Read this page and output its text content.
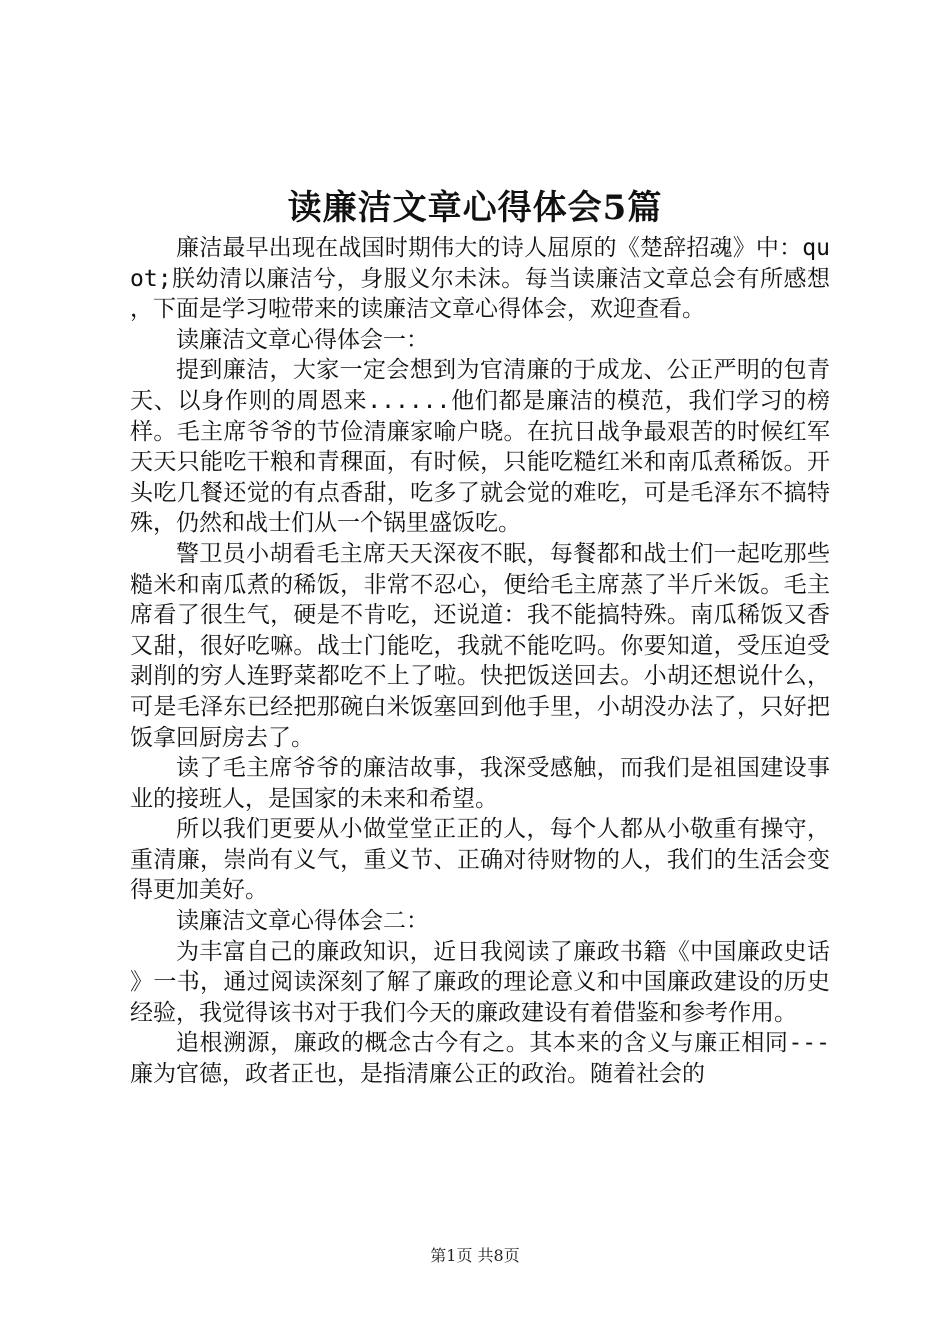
读廉洁文章心得体会5篇

廉洁最早出现在战国时期伟大的诗人屈原的《楚辞招魂》中：quot;朕幼清以廉洁兮，身服义尔未沫。每当读廉洁文章总会有所感想，下面是学习啦带来的读廉洁文章心得体会，欢迎查看。

读廉洁文章心得体会一：

提到廉洁，大家一定会想到为官清廉的于成龙、公正严明的包青天、以身作则的周恩来......他们都是廉洁的模范，我们学习的榜样。毛主席爷爷的节俭清廉家喻户晓。在抗日战争最艰苦的时候红军天天只能吃干粮和青稞面，有时候，只能吃糙红米和南瓜煮稀饭。开头吃几餐还觉的有点香甜，吃多了就会觉的难吃，可是毛泽东不搞特殊，仍然和战士们从一个锅里盛饭吃。

警卫员小胡看毛主席天天深夜不眠，每餐都和战士们一起吃那些糙米和南瓜煮的稀饭，非常不忍心，便给毛主席蒸了半斤米饭。毛主席看了很生气，硬是不肯吃，还说道：我不能搞特殊。南瓜稀饭又香又甜，很好吃嘛。战士门能吃，我就不能吃吗。你要知道，受压迫受剥削的穷人连野菜都吃不上了啦。快把饭送回去。小胡还想说什么，可是毛泽东已经把那碗白米饭塞回到他手里，小胡没办法了，只好把饭拿回厨房去了。

读了毛主席爷爷的廉洁故事，我深受感触，而我们是祖国建设事业的接班人，是国家的未来和希望。

所以我们更要从小做堂堂正正的人，每个人都从小敬重有操守，重清廉，崇尚有义气，重义节、正确对待财物的人，我们的生活会变得更加美好。

读廉洁文章心得体会二：

为丰富自己的廉政知识，近日我阅读了廉政书籍《中国廉政史话》一书，通过阅读深刻了解了廉政的理论意义和中国廉政建设的历史经验，我觉得该书对于我们今天的廉政建设有着借鉴和参考作用。

追根溯源，廉政的概念古今有之。其本来的含义与廉正相同---廉为官德，政者正也，是指清廉公正的政治。随着社会的

第1页 共8页
